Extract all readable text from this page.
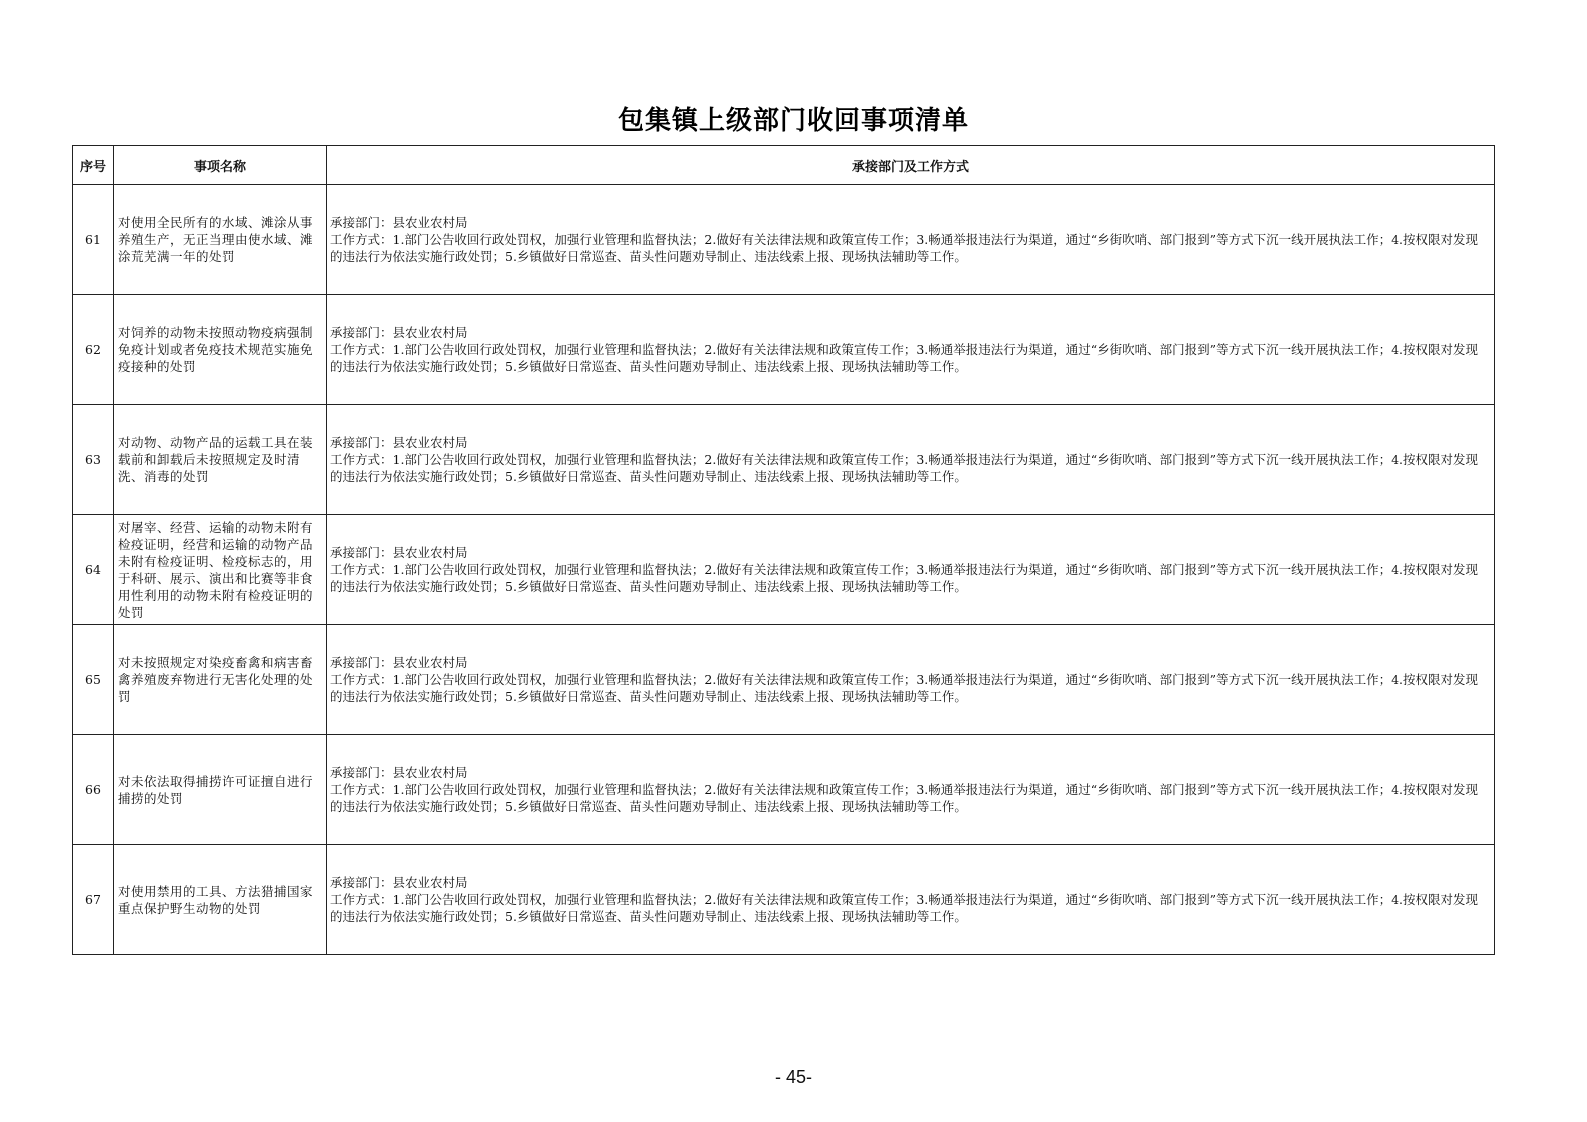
包集镇上级部门收回事项清单
序号	事项名称	承接部门及工作方式
61	对使用全民所有的水域、滩涂从事养殖生产，无正当理由使水域、滩涂荒芜满一年的处罚	承接部门：县农业农村局
工作方式：1.部门公告收回行政处罚权，加强行业管理和监督执法；2.做好有关法律法规和政策宣传工作；3.畅通举报违法行为渠道，通过“乡街吹哨、部门报到”等方式下沉一线开展执法工作；4.按权限对发现的违法行为依法实施行政处罚；5.乡镇做好日常巡查、苗头性问题劝导制止、违法线索上报、现场执法辅助等工作。

62	对饲养的动物未按照动物疫病强制免疫计划或者免疫技术规范实施免疫接种的处罚	承接部门：县农业农村局
工作方式：1.部门公告收回行政处罚权，加强行业管理和监督执法；2.做好有关法律法规和政策宣传工作；3.畅通举报违法行为渠道，通过“乡街吹哨、部门报到”等方式下沉一线开展执法工作；4.按权限对发现的违法行为依法实施行政处罚；5.乡镇做好日常巡查、苗头性问题劝导制止、违法线索上报、现场执法辅助等工作。

63	对动物、动物产品的运载工具在装载前和卸载后未按照规定及时清洗、消毒的处罚	承接部门：县农业农村局
工作方式：1.部门公告收回行政处罚权，加强行业管理和监督执法；2.做好有关法律法规和政策宣传工作；3.畅通举报违法行为渠道，通过“乡街吹哨、部门报到”等方式下沉一线开展执法工作；4.按权限对发现的违法行为依法实施行政处罚；5.乡镇做好日常巡查、苗头性问题劝导制止、违法线索上报、现场执法辅助等工作。

64	对屠宰、经营、运输的动物未附有检疫证明，经营和运输的动物产品未附有检疫证明、检疫标志的，用于科研、展示、演出和比赛等非食用性利用的动物未附有检疫证明的处罚	承接部门：县农业农村局
工作方式：1.部门公告收回行政处罚权，加强行业管理和监督执法；2.做好有关法律法规和政策宣传工作；3.畅通举报违法行为渠道，通过“乡街吹哨、部门报到”等方式下沉一线开展执法工作；4.按权限对发现的违法行为依法实施行政处罚；5.乡镇做好日常巡查、苗头性问题劝导制止、违法线索上报、现场执法辅助等工作。

65	对未按照规定对染疫畜禽和病害畜禽养殖废弃物进行无害化处理的处罚	承接部门：县农业农村局
工作方式：1.部门公告收回行政处罚权，加强行业管理和监督执法；2.做好有关法律法规和政策宣传工作；3.畅通举报违法行为渠道，通过“乡街吹哨、部门报到”等方式下沉一线开展执法工作；4.按权限对发现的违法行为依法实施行政处罚；5.乡镇做好日常巡查、苗头性问题劝导制止、违法线索上报、现场执法辅助等工作。

66	对未依法取得捕捞许可证擅自进行捕捞的处罚	承接部门：县农业农村局
工作方式：1.部门公告收回行政处罚权，加强行业管理和监督执法；2.做好有关法律法规和政策宣传工作；3.畅通举报违法行为渠道，通过“乡街吹哨、部门报到”等方式下沉一线开展执法工作；4.按权限对发现的违法行为依法实施行政处罚；5.乡镇做好日常巡查、苗头性问题劝导制止、违法线索上报、现场执法辅助等工作。

67	对使用禁用的工具、方法猎捕国家重点保护野生动物的处罚	承接部门：县农业农村局
工作方式：1.部门公告收回行政处罚权，加强行业管理和监督执法；2.做好有关法律法规和政策宣传工作；3.畅通举报违法行为渠道，通过“乡街吹哨、部门报到”等方式下沉一线开展执法工作；4.按权限对发现的违法行为依法实施行政处罚；5.乡镇做好日常巡查、苗头性问题劝导制止、违法线索上报、现场执法辅助等工作。
- 45-
